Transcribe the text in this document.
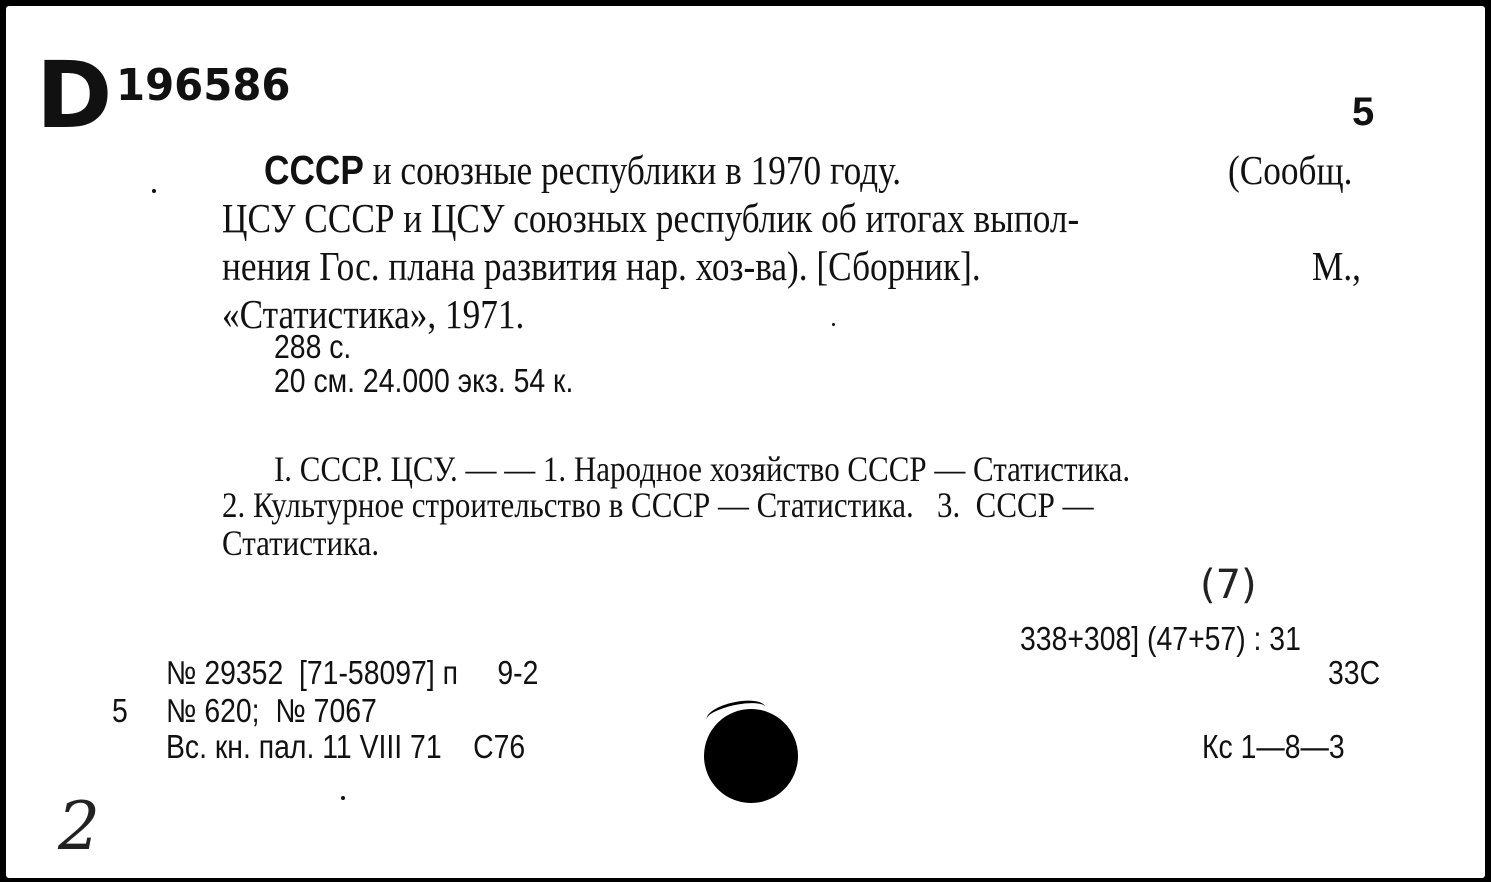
D 196586
5
СССР и союзные республики в 1970 году.	(Сообщ.
ЦСУ СССР и ЦСУ союзных республик об итогах выпол-
нения Гос. плана развития нар. хоз-ва). [Сборник].	М.,
«Статистика», 1971.
288 с.
20 см. 24.000 экз. 54 к.
I. СССР. ЦСУ. — — 1. Народное хозяйство СССР — Статистика.
2. Культурное строительство в СССР — Статистика.   3.  СССР —
Статистика.
(7)
338+308] (47+57) : 31
33С
№ 29352  [71-58097] п     9-2
5 № 620;  № 7067
Вс. кн. пал. 11 VIII 71    С76	Кс 1—8—3
2
